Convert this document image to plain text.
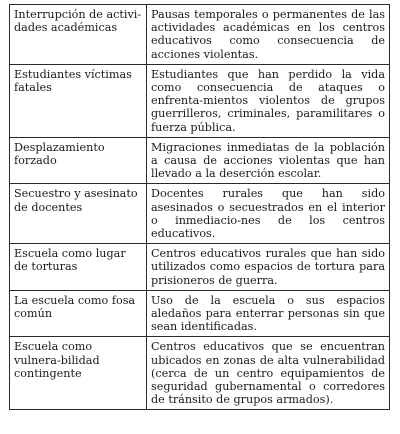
Interrupción de activi-dades académicas	Pausas temporales o permanentes de las actividades académicas en los centros educativos como consecuencia de acciones violentas.
Estudiantes víctimas fatales	Estudiantes que han perdido la vida como consecuencia de ataques o enfrenta-mientos violentos de grupos guerrilleros, criminales, paramilitares o fuerza pública.
Desplazamiento forzado	Migraciones inmediatas de la población a causa de acciones violentas que han llevado a la deserción escolar.
Secuestro y asesinato de docentes	Docentes rurales que han sido asesinados o secuestrados en el interior o inmediacio-nes de los centros educativos.
Escuela como lugar de torturas	Centros educativos rurales que han sido utilizados como espacios de tortura para prisioneros de guerra.
La escuela como fosa común	Uso de la escuela o sus espacios aledaños para enterrar personas sin que sean identificadas.
Escuela como vulnera-bilidad contingente	Centros educativos que se encuentran ubicados en zonas de alta vulnerabilidad (cerca de un centro equipamientos de seguridad gubernamental o corredores de tránsito de grupos armados).
